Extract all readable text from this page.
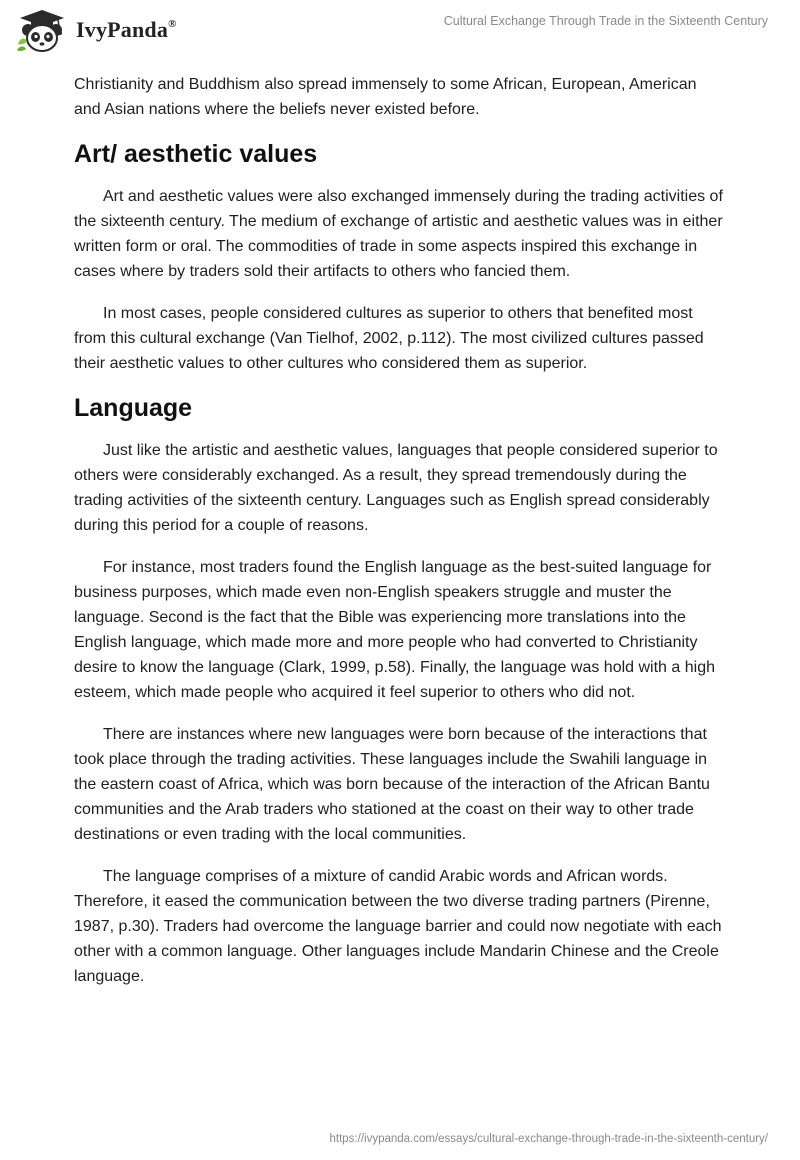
IvyPanda®	Cultural Exchange Through Trade in the Sixteenth Century

Christianity and Buddhism also spread immensely to some African, European, American and Asian nations where the beliefs never existed before.

Art/ aesthetic values

Art and aesthetic values were also exchanged immensely during the trading activities of the sixteenth century. The medium of exchange of artistic and aesthetic values was in either written form or oral. The commodities of trade in some aspects inspired this exchange in cases where by traders sold their artifacts to others who fancied them.

In most cases, people considered cultures as superior to others that benefited most from this cultural exchange (Van Tielhof, 2002, p.112). The most civilized cultures passed their aesthetic values to other cultures who considered them as superior.

Language

Just like the artistic and aesthetic values, languages that people considered superior to others were considerably exchanged. As a result, they spread tremendously during the trading activities of the sixteenth century. Languages such as English spread considerably during this period for a couple of reasons.

For instance, most traders found the English language as the best-suited language for business purposes, which made even non-English speakers struggle and muster the language. Second is the fact that the Bible was experiencing more translations into the English language, which made more and more people who had converted to Christianity desire to know the language (Clark, 1999, p.58). Finally, the language was hold with a high esteem, which made people who acquired it feel superior to others who did not.

There are instances where new languages were born because of the interactions that took place through the trading activities. These languages include the Swahili language in the eastern coast of Africa, which was born because of the interaction of the African Bantu communities and the Arab traders who stationed at the coast on their way to other trade destinations or even trading with the local communities.

The language comprises of a mixture of candid Arabic words and African words. Therefore, it eased the communication between the two diverse trading partners (Pirenne, 1987, p.30). Traders had overcome the language barrier and could now negotiate with each other with a common language. Other languages include Mandarin Chinese and the Creole language.

https://ivypanda.com/essays/cultural-exchange-through-trade-in-the-sixteenth-century/
